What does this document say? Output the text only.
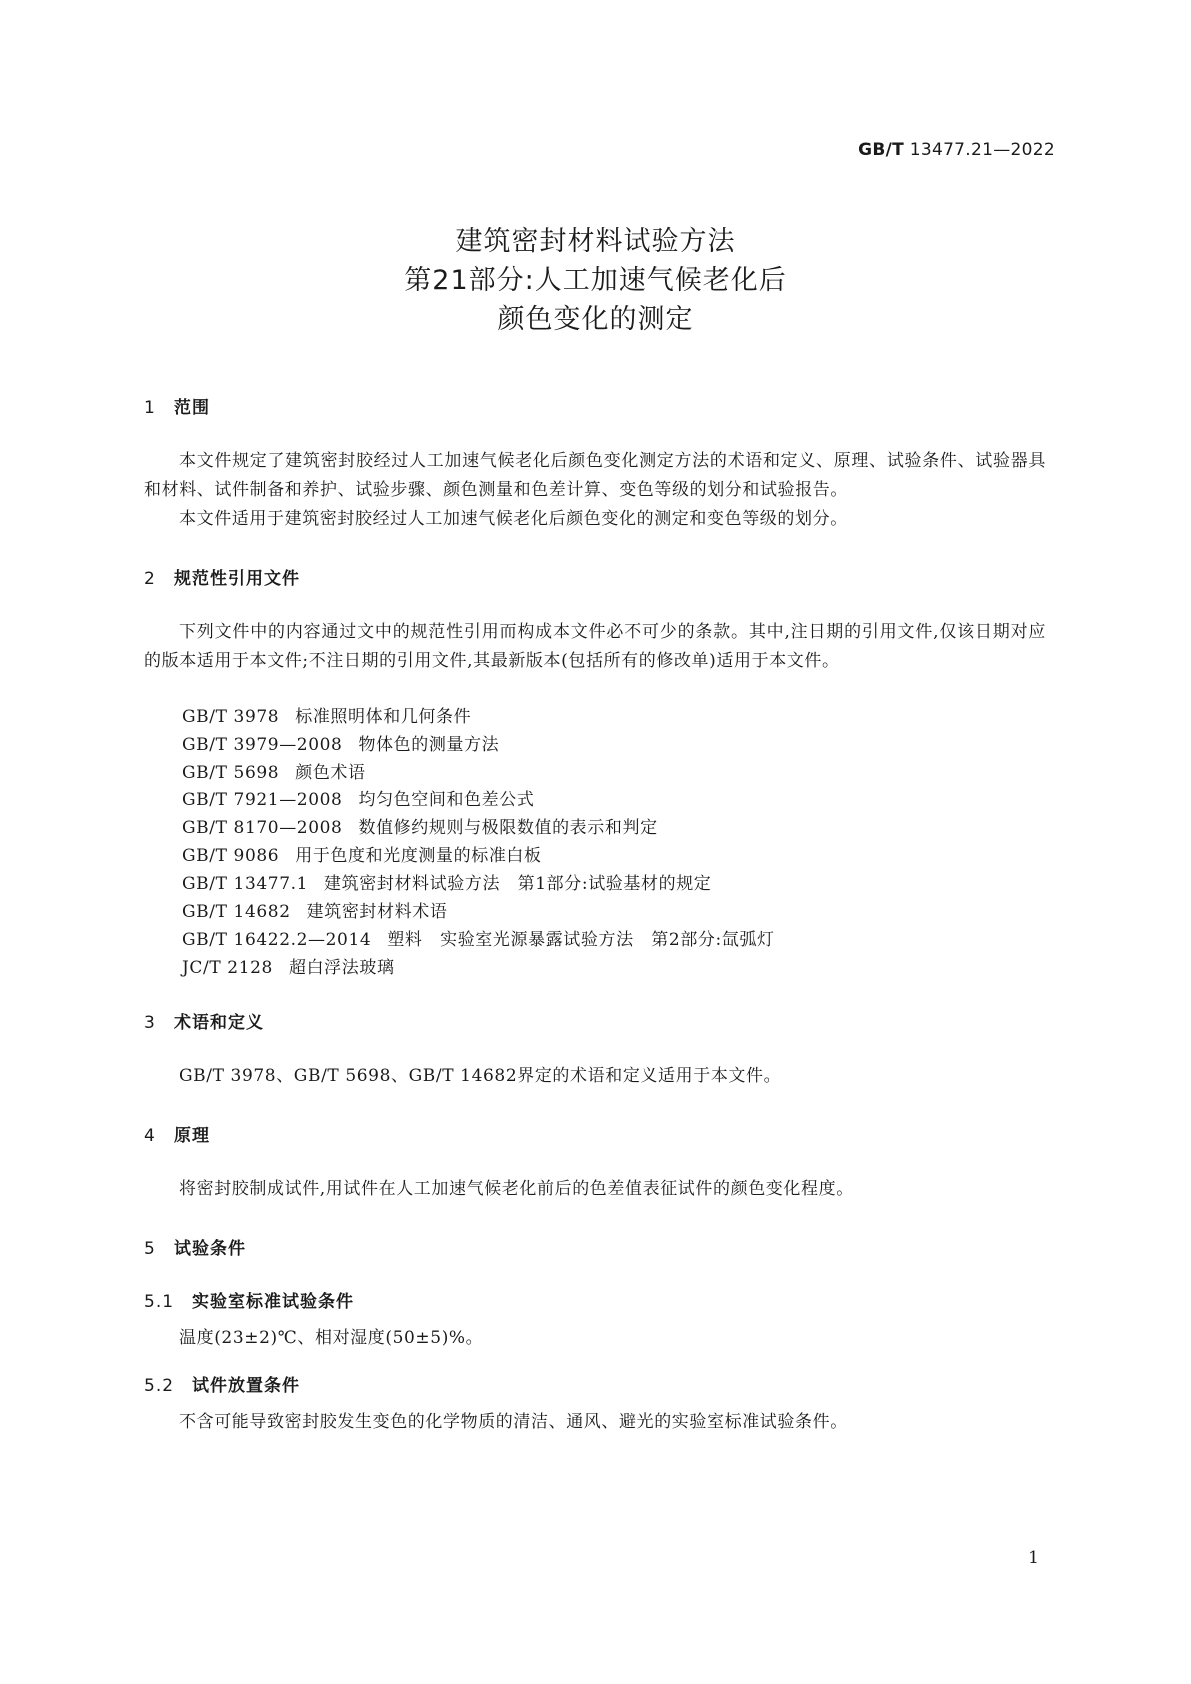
GB/T 13477.21—2022
建筑密封材料试验方法
第21部分:人工加速气候老化后
颜色变化的测定
1 范围
本文件规定了建筑密封胶经过人工加速气候老化后颜色变化测定方法的术语和定义、原理、试验条件、试验器具和材料、试件制备和养护、试验步骤、颜色测量和色差计算、变色等级的划分和试验报告。
本文件适用于建筑密封胶经过人工加速气候老化后颜色变化的测定和变色等级的划分。
2 规范性引用文件
下列文件中的内容通过文中的规范性引用而构成本文件必不可少的条款。其中,注日期的引用文件,仅该日期对应的版本适用于本文件;不注日期的引用文件,其最新版本(包括所有的修改单)适用于本文件。
GB/T 3978 标准照明体和几何条件
GB/T 3979—2008 物体色的测量方法
GB/T 5698 颜色术语
GB/T 7921—2008 均匀色空间和色差公式
GB/T 8170—2008 数值修约规则与极限数值的表示和判定
GB/T 9086 用于色度和光度测量的标准白板
GB/T 13477.1 建筑密封材料试验方法　第1部分:试验基材的规定
GB/T 14682 建筑密封材料术语
GB/T 16422.2—2014 塑料　实验室光源暴露试验方法　第2部分:氙弧灯
JC/T 2128 超白浮法玻璃
3 术语和定义
GB/T 3978、GB/T 5698、GB/T 14682界定的术语和定义适用于本文件。
4 原理
将密封胶制成试件,用试件在人工加速气候老化前后的色差值表征试件的颜色变化程度。
5 试验条件
5.1 实验室标准试验条件
温度(23±2)℃、相对湿度(50±5)%。
5.2 试件放置条件
不含可能导致密封胶发生变色的化学物质的清洁、通风、避光的实验室标准试验条件。
1
